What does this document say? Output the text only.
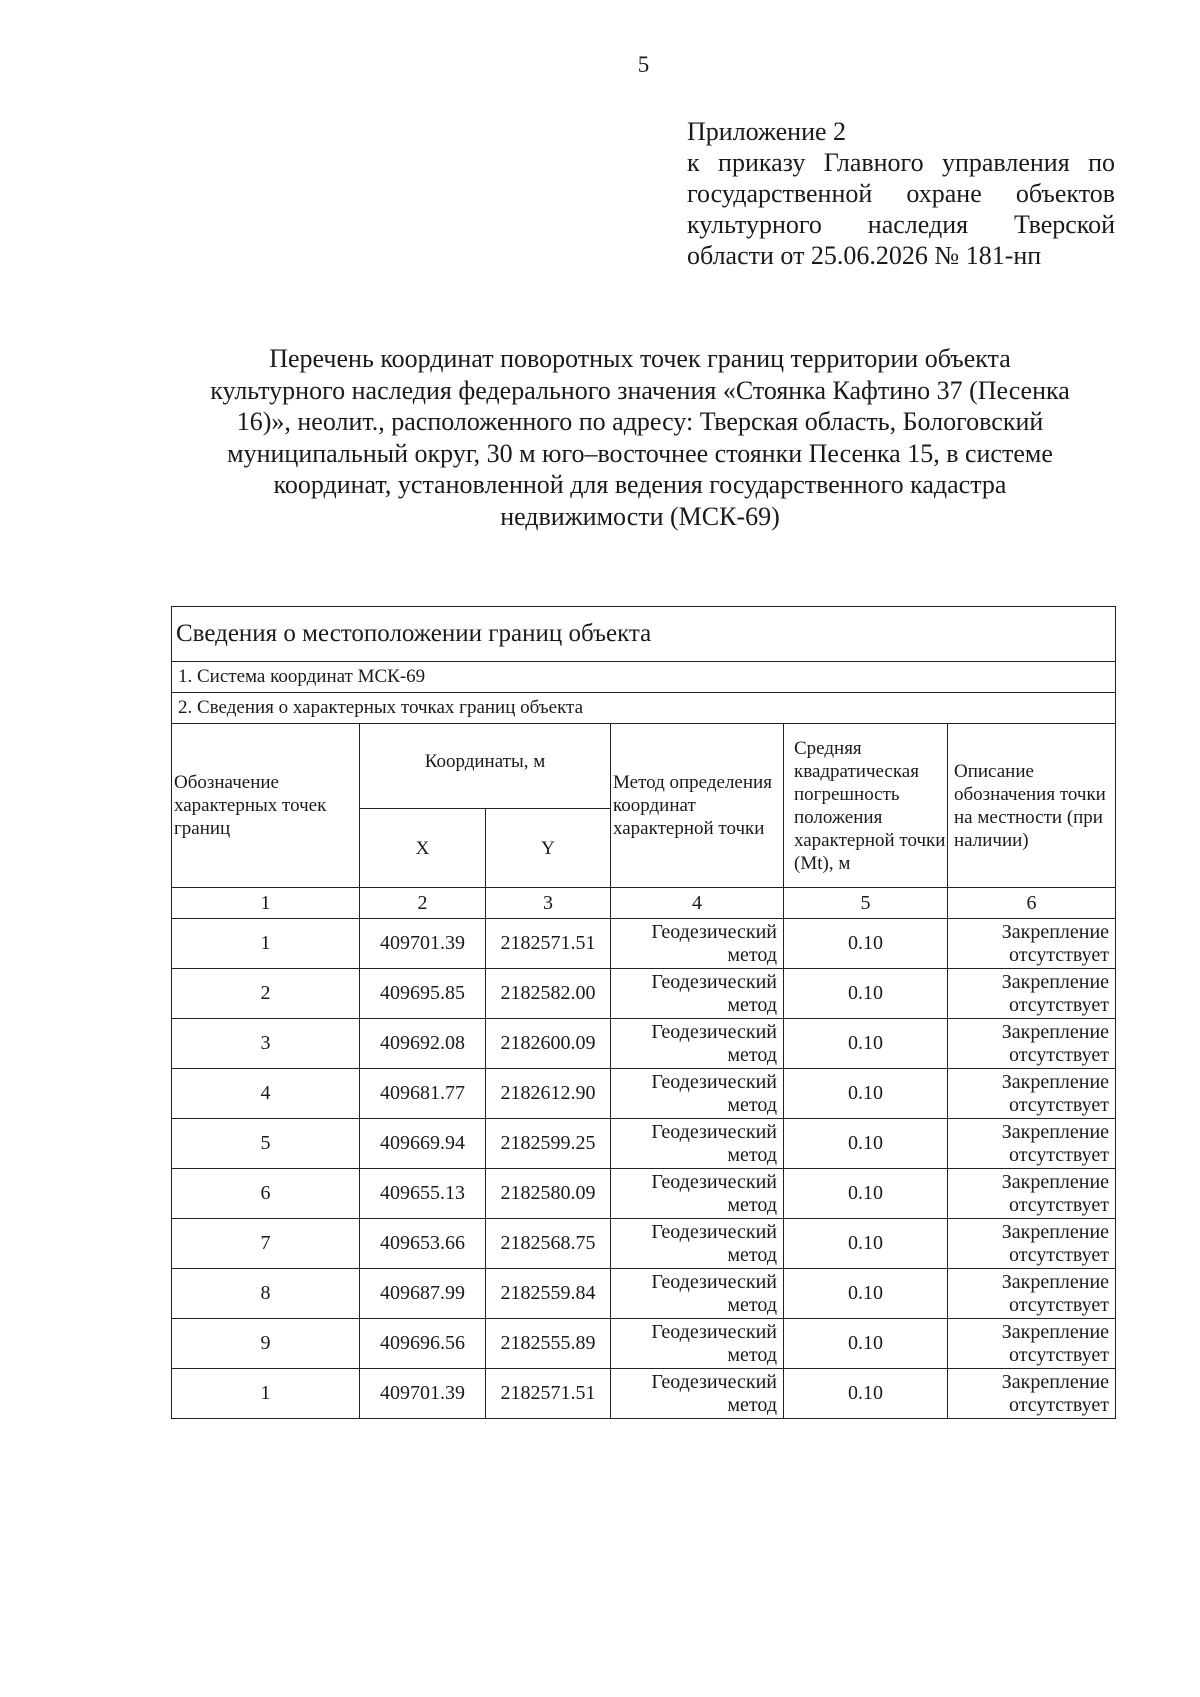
5
Приложение 2
к приказу Главного управления по
государственной охране объектов
культурного наследия Тверской
области от 25.06.2026 № 181-нп
Перечень координат поворотных точек границ территории объекта
культурного наследия федерального значения «Стоянка Кафтино 37 (Песенка
16)», неолит., расположенного по адресу: Тверская область, Бологовский
муниципальный округ, 30 м юго–восточнее стоянки Песенка 15, в системе
координат, установленной для ведения государственного кадастра
недвижимости (МСК-69)
Сведения о местоположении границ объекта					
1. Система координат МСК-69					
2. Сведения о характерных точках границ объекта					
Обозначение характерных точек границ	Координаты, м		Метод определения координат характерной точки	Средняя квадратическая погрешность положения характерной точки (Mt), м	Описание обозначения точки на местности (при наличии)
	X	Y			
1	2	3	4	5	6
1	409701.39	2182571.51	Геодезический метод	0.10	Закрепление отсутствует
2	409695.85	2182582.00	Геодезический метод	0.10	Закрепление отсутствует
3	409692.08	2182600.09	Геодезический метод	0.10	Закрепление отсутствует
4	409681.77	2182612.90	Геодезический метод	0.10	Закрепление отсутствует
5	409669.94	2182599.25	Геодезический метод	0.10	Закрепление отсутствует
6	409655.13	2182580.09	Геодезический метод	0.10	Закрепление отсутствует
7	409653.66	2182568.75	Геодезический метод	0.10	Закрепление отсутствует
8	409687.99	2182559.84	Геодезический метод	0.10	Закрепление отсутствует
9	409696.56	2182555.89	Геодезический метод	0.10	Закрепление отсутствует
1	409701.39	2182571.51	Геодезический метод	0.10	Закрепление отсутствует
